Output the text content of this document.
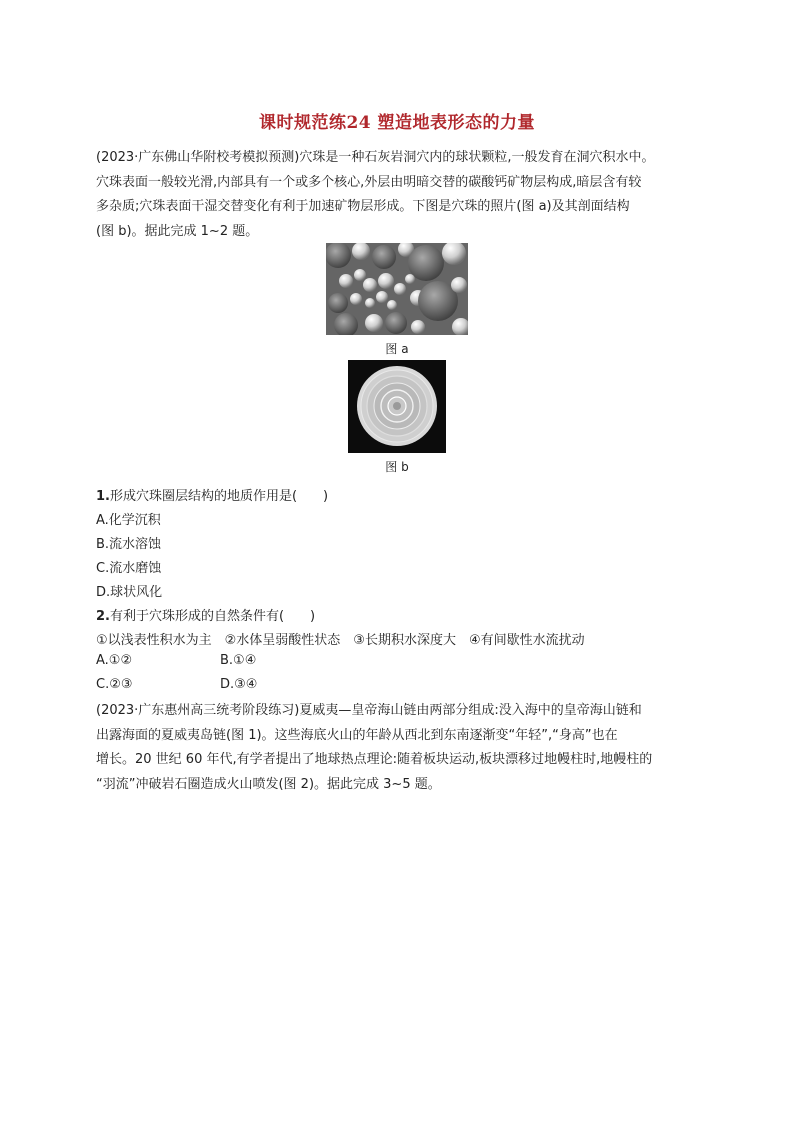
课时规范练24 塑造地表形态的力量

(2023·广东佛山华附校考模拟预测)穴珠是一种石灰岩洞穴内的球状颗粒,一般发育在洞穴积水中。

穴珠表面一般较光滑,内部具有一个或多个核心,外层由明暗交替的碳酸钙矿物层构成,暗层含有较

多杂质;穴珠表面干湿交替变化有利于加速矿物层形成。下图是穴珠的照片(图 a)及其剖面结构

(图 b)。据此完成 1~2 题。

图 a
图 b
1.形成穴珠圈层结构的地质作用是(　　)
A.化学沉积
B.流水溶蚀
C.流水磨蚀
D.球状风化
2.有利于穴珠形成的自然条件有(　　)
①以浅表性积水为主　②水体呈弱酸性状态　③长期积水深度大　④有间歇性水流扰动
A.①②	B.①④
C.②③	D.③④

(2023·广东惠州高三统考阶段练习)夏威夷—皇帝海山链由两部分组成:没入海中的皇帝海山链和

出露海面的夏威夷岛链(图 1)。这些海底火山的年龄从西北到东南逐渐变“年轻”,“身高”也在

增长。20 世纪 60 年代,有学者提出了地球热点理论:随着板块运动,板块漂移过地幔柱时,地幔柱的

“羽流”冲破岩石圈造成火山喷发(图 2)。据此完成 3~5 题。
